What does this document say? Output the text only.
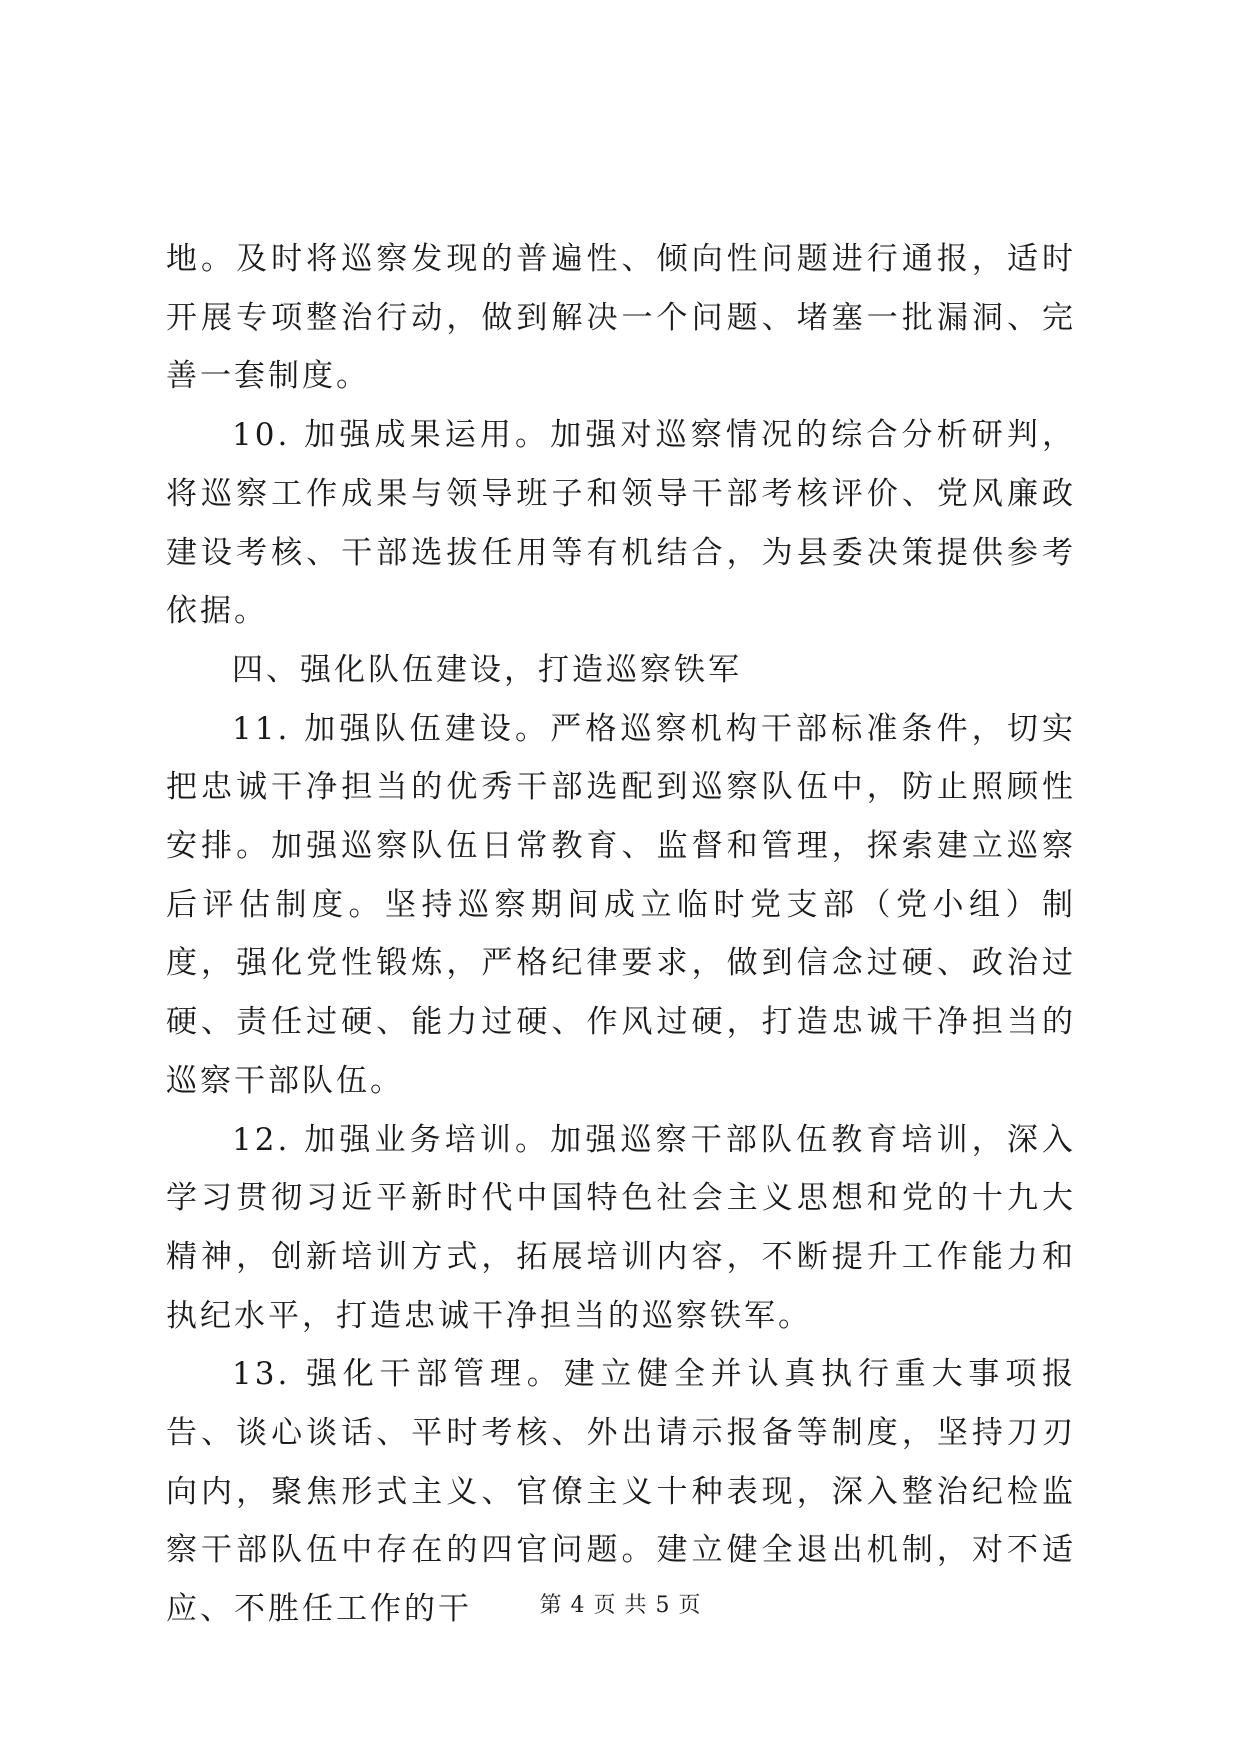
地。及时将巡察发现的普遍性、倾向性问题进行通报，适时开展专项整治行动，做到解决一个问题、堵塞一批漏洞、完善一套制度。

10. 加强成果运用。加强对巡察情况的综合分析研判，将巡察工作成果与领导班子和领导干部考核评价、党风廉政建设考核、干部选拔任用等有机结合，为县委决策提供参考依据。

四、强化队伍建设，打造巡察铁军

11. 加强队伍建设。严格巡察机构干部标准条件，切实把忠诚干净担当的优秀干部选配到巡察队伍中，防止照顾性安排。加强巡察队伍日常教育、监督和管理，探索建立巡察后评估制度。坚持巡察期间成立临时党支部（党小组）制度，强化党性锻炼，严格纪律要求，做到信念过硬、政治过硬、责任过硬、能力过硬、作风过硬，打造忠诚干净担当的巡察干部队伍。

12. 加强业务培训。加强巡察干部队伍教育培训，深入学习贯彻习近平新时代中国特色社会主义思想和党的十九大精神，创新培训方式，拓展培训内容，不断提升工作能力和执纪水平，打造忠诚干净担当的巡察铁军。

13. 强化干部管理。建立健全并认真执行重大事项报告、谈心谈话、平时考核、外出请示报备等制度，坚持刀刃向内，聚焦形式主义、官僚主义十种表现，深入整治纪检监察干部队伍中存在的四官问题。建立健全退出机制，对不适应、不胜任工作的干	第 4 页 共 5 页
